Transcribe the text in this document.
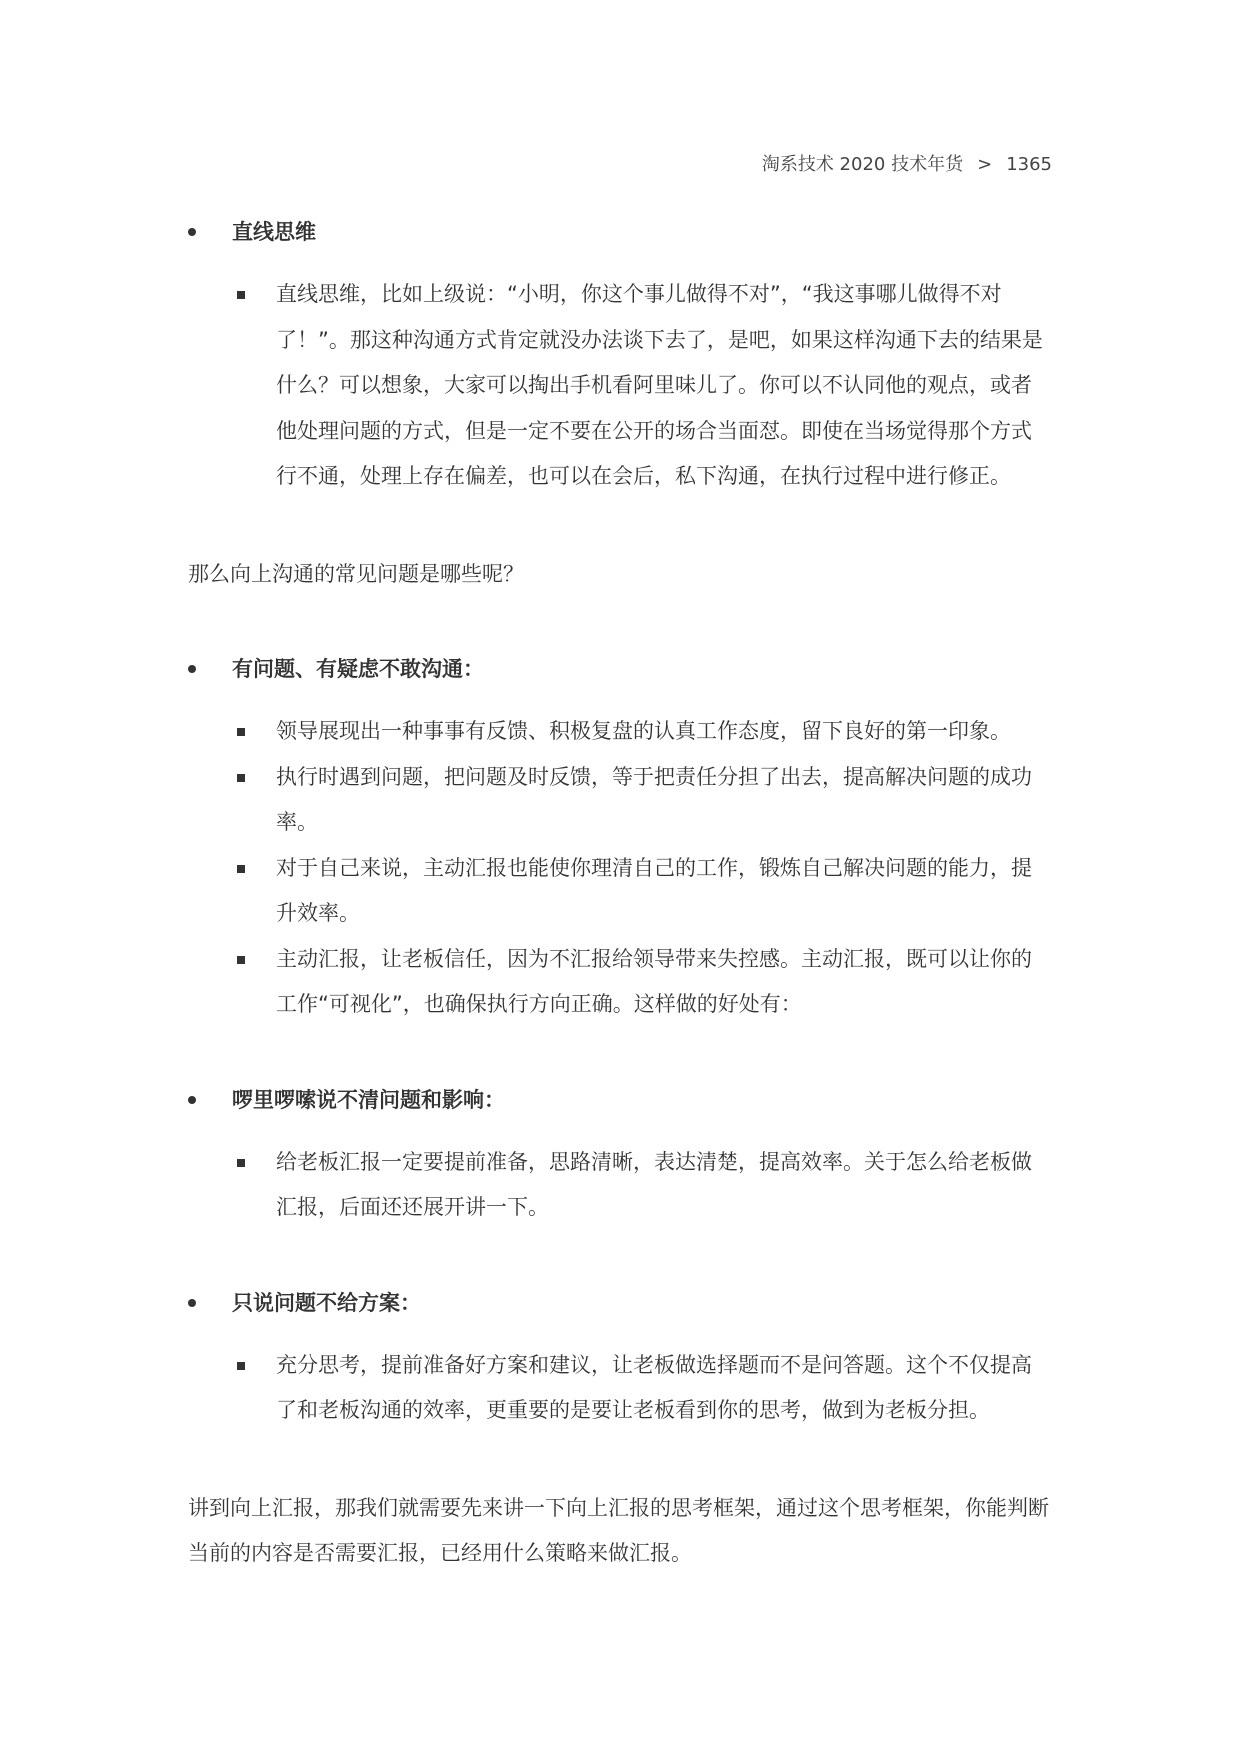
淘系技术 2020 技术年货 > 1365

直线思维

直线思维，比如上级说：“小明，你这个事儿做得不对”，“我这事哪儿做得不对了！”。那这种沟通方式肯定就没办法谈下去了，是吧，如果这样沟通下去的结果是什么？可以想象，大家可以掏出手机看阿里味儿了。你可以不认同他的观点，或者他处理问题的方式，但是一定不要在公开的场合当面怼。即使在当场觉得那个方式行不通，处理上存在偏差，也可以在会后，私下沟通，在执行过程中进行修正。

那么向上沟通的常见问题是哪些呢？

有问题、有疑虑不敢沟通：

领导展现出一种事事有反馈、积极复盘的认真工作态度，留下良好的第一印象。

执行时遇到问题，把问题及时反馈，等于把责任分担了出去，提高解决问题的成功率。

对于自己来说，主动汇报也能使你理清自己的工作，锻炼自己解决问题的能力，提升效率。

主动汇报，让老板信任，因为不汇报给领导带来失控感。主动汇报，既可以让你的工作“可视化”，也确保执行方向正确。这样做的好处有：

啰里啰嗦说不清问题和影响：

给老板汇报一定要提前准备，思路清晰，表达清楚，提高效率。关于怎么给老板做汇报，后面还还展开讲一下。

只说问题不给方案：

充分思考，提前准备好方案和建议，让老板做选择题而不是问答题。这个不仅提高了和老板沟通的效率，更重要的是要让老板看到你的思考，做到为老板分担。

讲到向上汇报，那我们就需要先来讲一下向上汇报的思考框架，通过这个思考框架，你能判断当前的内容是否需要汇报，已经用什么策略来做汇报。
